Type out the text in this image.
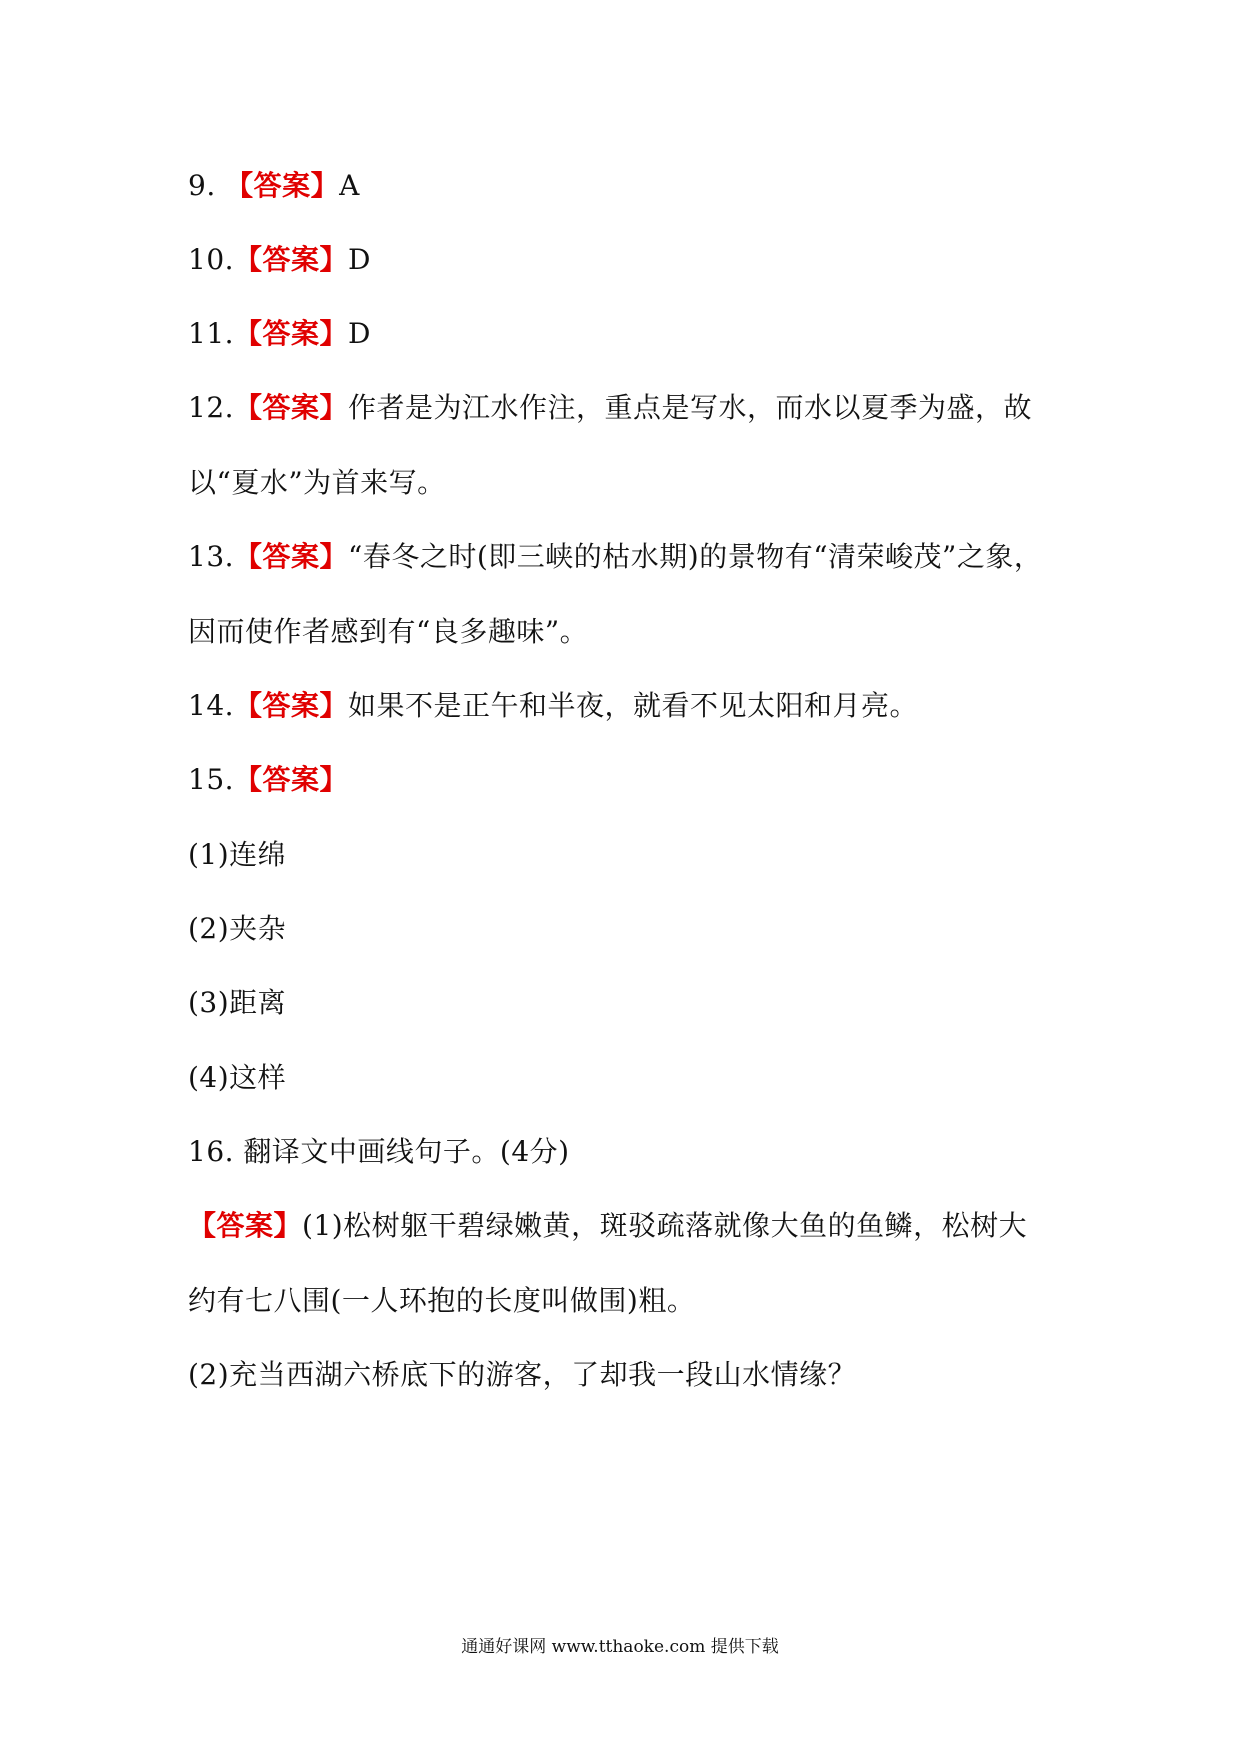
9. 【答案】A
10.【答案】D
11.【答案】D
12.【答案】作者是为江水作注，重点是写水，而水以夏季为盛，故
以“夏水”为首来写。
13.【答案】“春冬之时(即三峡的枯水期)的景物有“清荣峻茂”之象，
因而使作者感到有“良多趣味”。
14.【答案】如果不是正午和半夜，就看不见太阳和月亮。
15.【答案】
(1)连绵
(2)夹杂
(3)距离
(4)这样
16. 翻译文中画线句子。(4分)
【答案】(1)松树躯干碧绿嫩黄，斑驳疏落就像大鱼的鱼鳞，松树大
约有七八围(一人环抱的长度叫做围)粗。
(2)充当西湖六桥底下的游客，了却我一段山水情缘？
通通好课网 www.tthaoke.com 提供下载
